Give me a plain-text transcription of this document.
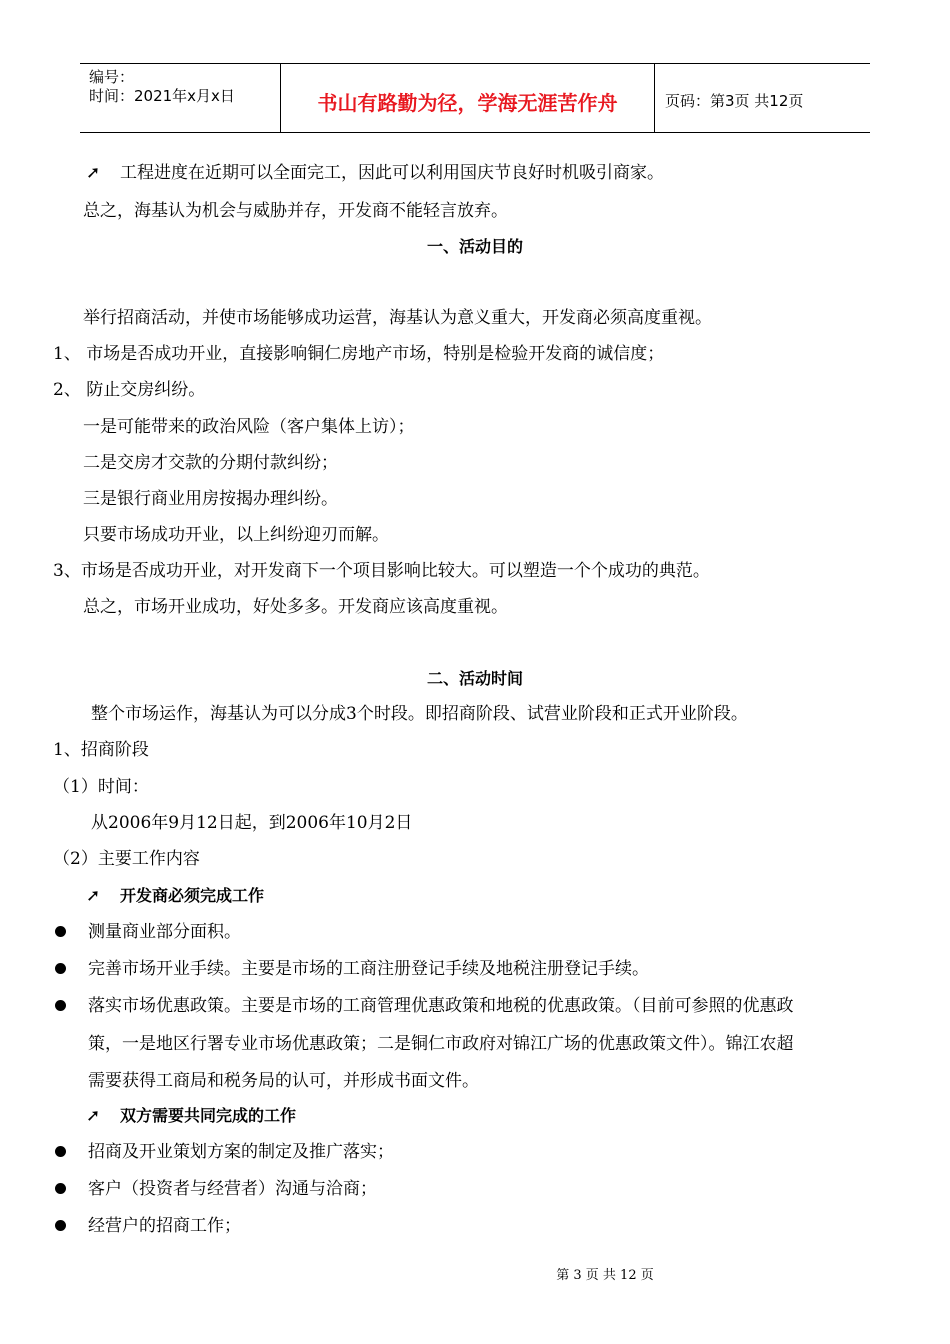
编号：
时间：2021年x月x日	书山有路勤为径，学海无涯苦作舟	页码：第3页 共12页
➚ 工程进度在近期可以全面完工，因此可以利用国庆节良好时机吸引商家。
总之，海基认为机会与威胁并存，开发商不能轻言放弃。
一、活动目的
举行招商活动，并使市场能够成功运营，海基认为意义重大，开发商必须高度重视。
1、 市场是否成功开业，直接影响铜仁房地产市场，特别是检验开发商的诚信度；
2、 防止交房纠纷。
一是可能带来的政治风险（客户集体上访）；
二是交房才交款的分期付款纠纷；
三是银行商业用房按揭办理纠纷。
只要市场成功开业，以上纠纷迎刃而解。
3、市场是否成功开业，对开发商下一个项目影响比较大。可以塑造一个个成功的典范。
总之，市场开业成功，好处多多。开发商应该高度重视。
二、活动时间
整个市场运作，海基认为可以分成3个时段。即招商阶段、试营业阶段和正式开业阶段。
1、招商阶段
（1）时间：
从2006年9月12日起，到2006年10月2日
（2）主要工作内容
➚ 开发商必须完成工作
测量商业部分面积。
完善市场开业手续。主要是市场的工商注册登记手续及地税注册登记手续。
落实市场优惠政策。主要是市场的工商管理优惠政策和地税的优惠政策。（目前可参照的优惠政
策，一是地区行署专业市场优惠政策；二是铜仁市政府对锦江广场的优惠政策文件）。锦江农超
需要获得工商局和税务局的认可，并形成书面文件。
➚ 双方需要共同完成的工作
招商及开业策划方案的制定及推广落实；
客户（投资者与经营者）沟通与洽商；
经营户的招商工作；
第 3 页 共 12 页
